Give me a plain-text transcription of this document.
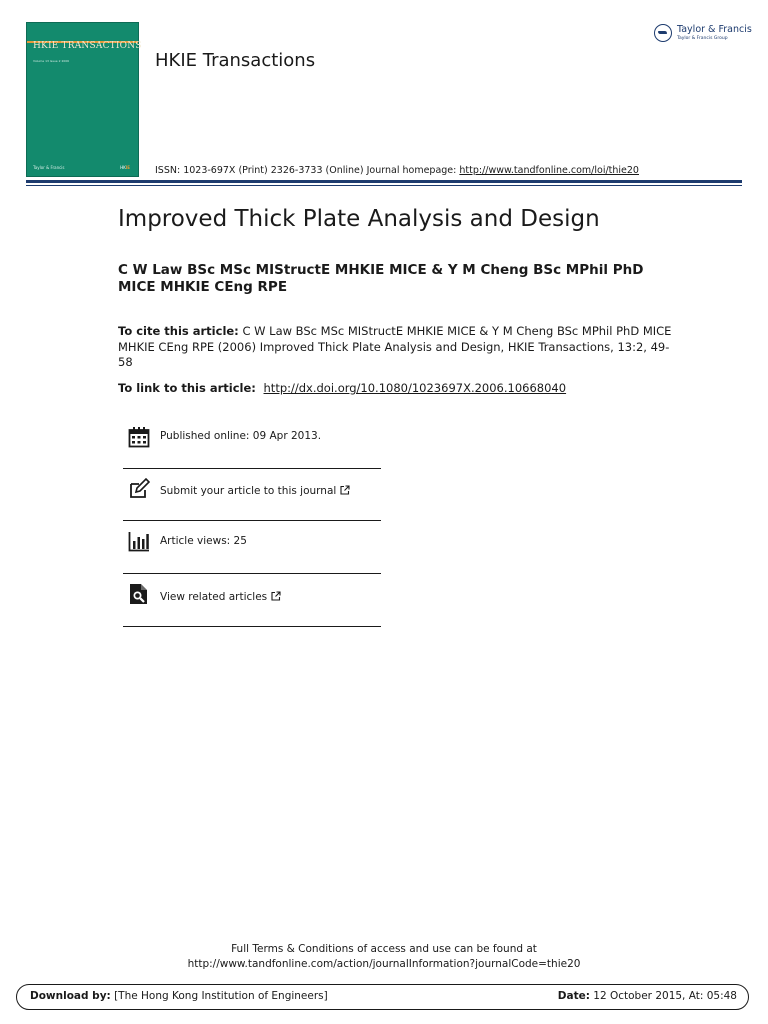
HKIE TRANSACTIONS
Volume 13 Issue 2 2006
Taylor & Francis	HKIE
HKIE Transactions
Taylor & Francis
Taylor & Francis Group
ISSN: 1023-697X (Print) 2326-3733 (Online) Journal homepage: http://www.tandfonline.com/loi/thie20
Improved Thick Plate Analysis and Design
C W Law BSc MSc MIStructE MHKIE MICE & Y M Cheng BSc MPhil PhD MICE MHKIE CEng RPE
To cite this article: C W Law BSc MSc MIStructE MHKIE MICE & Y M Cheng BSc MPhil PhD MICE MHKIE CEng RPE (2006) Improved Thick Plate Analysis and Design, HKIE Transactions, 13:2, 49-58
To link to this article: http://dx.doi.org/10.1080/1023697X.2006.10668040
Published online: 09 Apr 2013.
Submit your article to this journal
Article views: 25
View related articles
Full Terms & Conditions of access and use can be found at
http://www.tandfonline.com/action/journalInformation?journalCode=thie20
Download by: [The Hong Kong Institution of Engineers]	Date: 12 October 2015, At: 05:48
